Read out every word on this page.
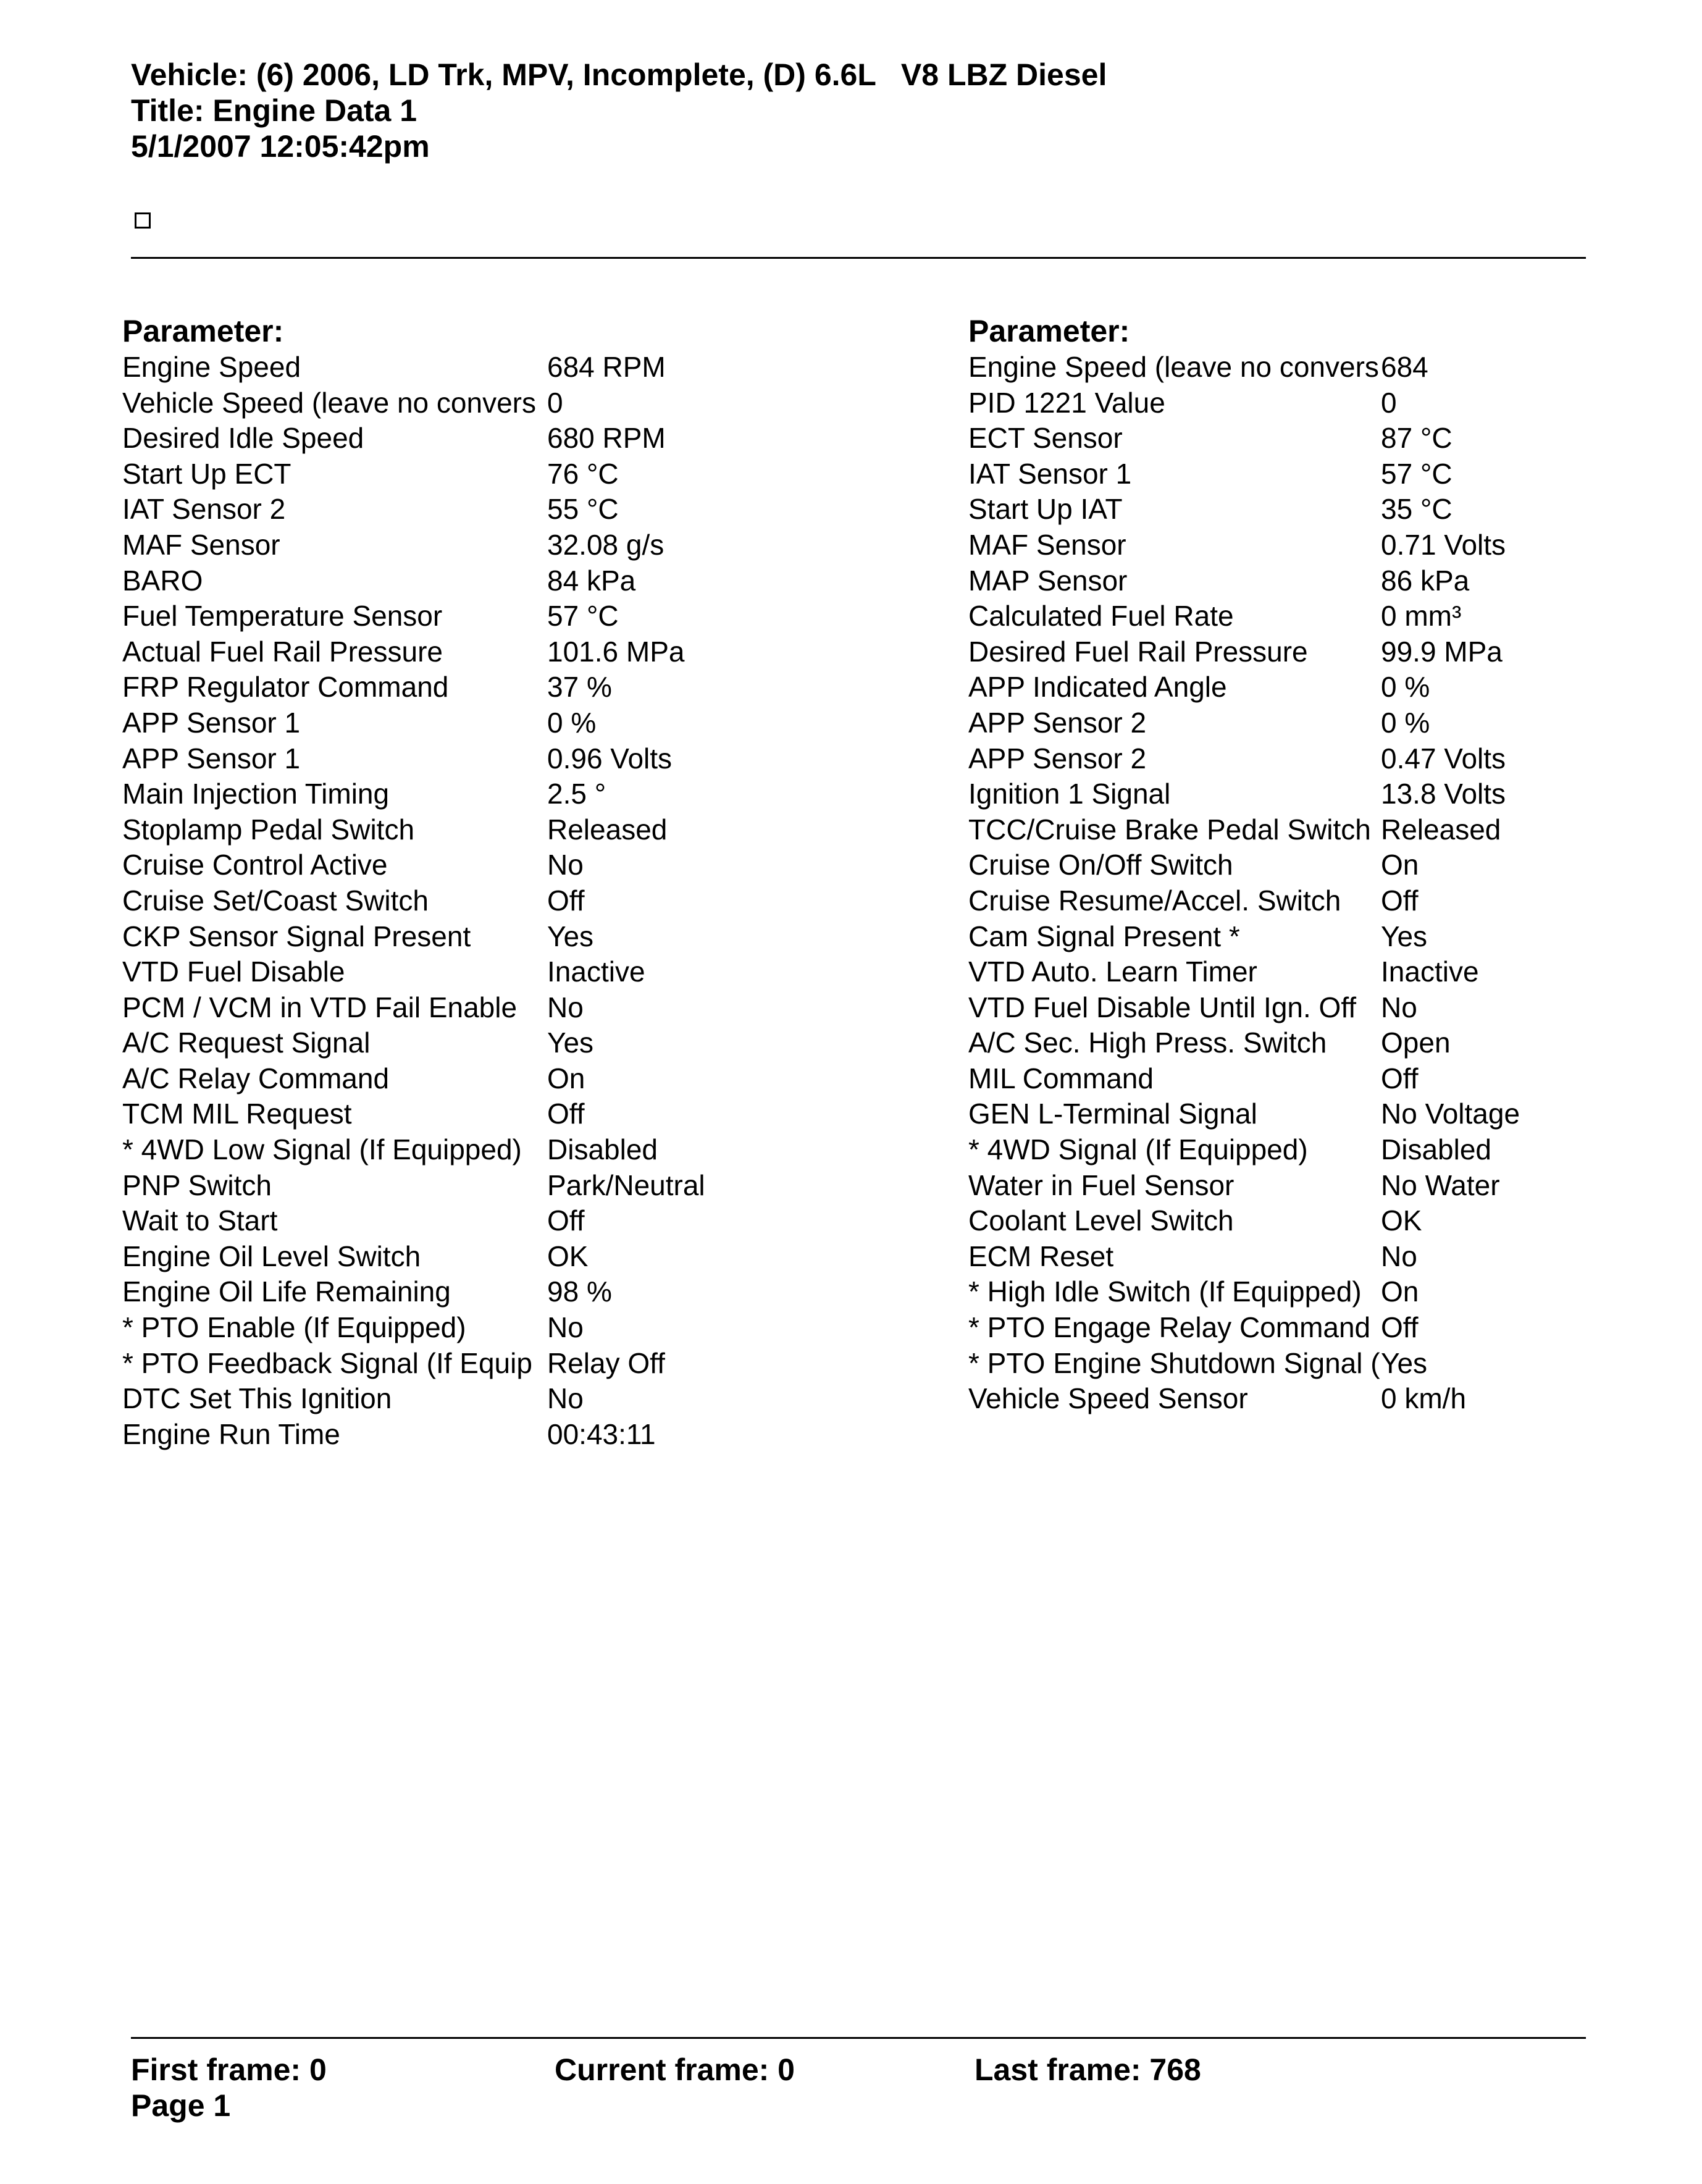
Vehicle: (6) 2006, LD Trk, MPV, Incomplete, (D) 6.6L V8 LBZ Diesel
Title: Engine Data 1
5/1/2007 12:05:42pm
Parameter:
Engine Speed	684 RPM
Vehicle Speed (leave no convers 0
Desired Idle Speed	680 RPM
Start Up ECT	76 °C
IAT Sensor 2	55 °C
MAF Sensor	32.08 g/s
BARO	84 kPa
Fuel Temperature Sensor	57 °C
Actual Fuel Rail Pressure	101.6 MPa
FRP Regulator Command	37 %
APP Sensor 1	0 %
APP Sensor 1	0.96 Volts
Main Injection Timing	2.5 °
Stoplamp Pedal Switch	Released
Cruise Control Active	No
Cruise Set/Coast Switch	Off
CKP Sensor Signal Present	Yes
VTD Fuel Disable	Inactive
PCM / VCM in VTD Fail Enable No
A/C Request Signal	Yes
A/C Relay Command	On
TCM MIL Request	Off
* 4WD Low Signal (If Equipped) Disabled
PNP Switch	Park/Neutral
Wait to Start	Off
Engine Oil Level Switch	OK
Engine Oil Life Remaining	98 %
* PTO Enable (If Equipped)	No
* PTO Feedback Signal (If Equip Relay Off
DTC Set This Ignition	No
Engine Run Time	00:43:11
Parameter:
Engine Speed (leave no convers 684
PID 1221 Value	0
ECT Sensor	87 °C
IAT Sensor 1	57 °C
Start Up IAT	35 °C
MAF Sensor	0.71 Volts
MAP Sensor	86 kPa
Calculated Fuel Rate	0 mm³
Desired Fuel Rail Pressure	99.9 MPa
APP Indicated Angle	0 %
APP Sensor 2	0 %
APP Sensor 2	0.47 Volts
Ignition 1 Signal	13.8 Volts
TCC/Cruise Brake Pedal Switch Released
Cruise On/Off Switch	On
Cruise Resume/Accel. Switch Off
Cam Signal Present *	Yes
VTD Auto. Learn Timer	Inactive
VTD Fuel Disable Until Ign. Off No
A/C Sec. High Press. Switch Open
MIL Command	Off
GEN L-Terminal Signal	No Voltage
* 4WD Signal (If Equipped)	Disabled
Water in Fuel Sensor	No Water
Coolant Level Switch	OK
ECM Reset	No
* High Idle Switch (If Equipped) On
* PTO Engage Relay Command Off
* PTO Engine Shutdown Signal ( Yes
Vehicle Speed Sensor	0 km/h
First frame: 0	Current frame: 0	Last frame: 768
Page 1
